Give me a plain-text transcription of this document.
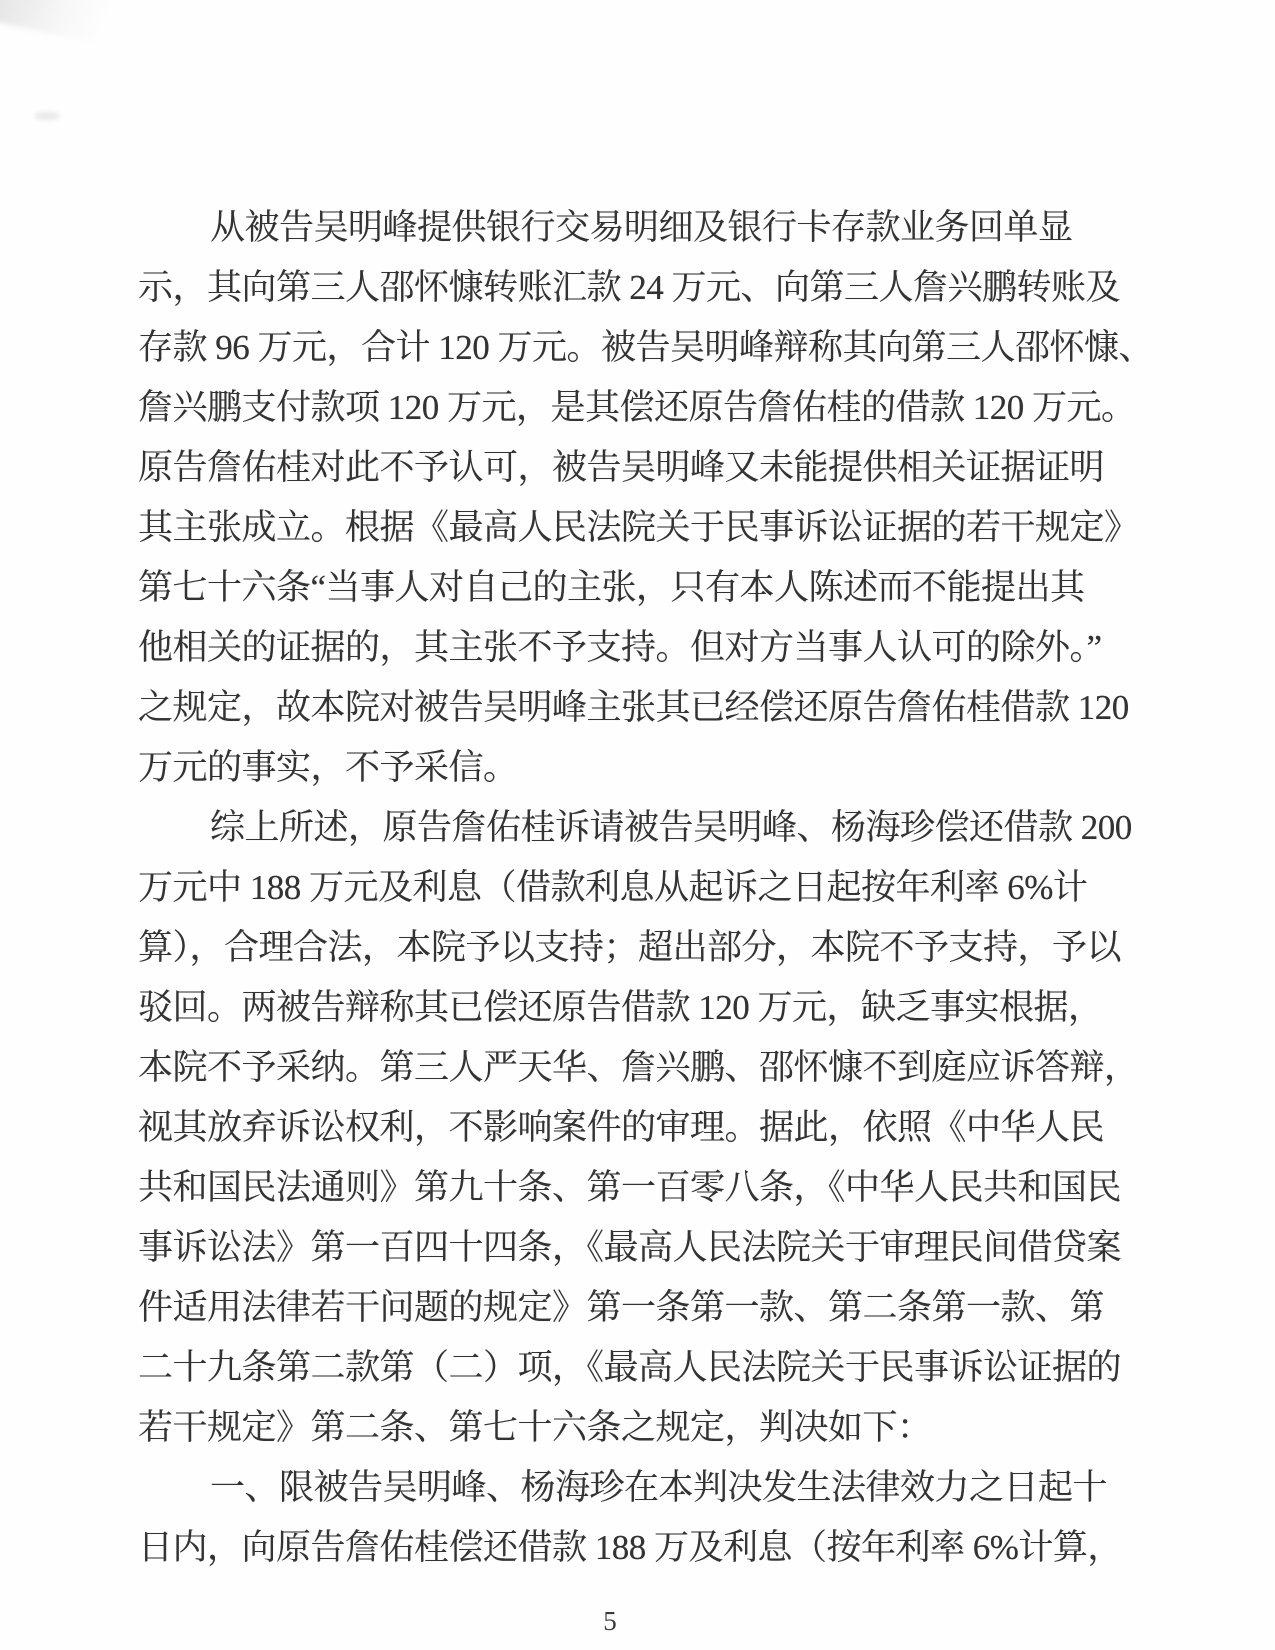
从被告吴明峰提供银行交易明细及银行卡存款业务回单显
示，其向第三人邵怀慷转账汇款 24 万元、向第三人詹兴鹏转账及
存款 96 万元，合计 120 万元。被告吴明峰辩称其向第三人邵怀慷、
詹兴鹏支付款项 120 万元，是其偿还原告詹佑桂的借款 120 万元。
原告詹佑桂对此不予认可，被告吴明峰又未能提供相关证据证明
其主张成立。根据《最高人民法院关于民事诉讼证据的若干规定》
第七十六条“当事人对自己的主张，只有本人陈述而不能提出其
他相关的证据的，其主张不予支持。但对方当事人认可的除外。”
之规定，故本院对被告吴明峰主张其已经偿还原告詹佑桂借款 120
万元的事实，不予采信。
综上所述，原告詹佑桂诉请被告吴明峰、杨海珍偿还借款 200
万元中 188 万元及利息（借款利息从起诉之日起按年利率 6%计
算），合理合法，本院予以支持；超出部分，本院不予支持，予以
驳回。两被告辩称其已偿还原告借款 120 万元，缺乏事实根据，
本院不予采纳。第三人严天华、詹兴鹏、邵怀慷不到庭应诉答辩，
视其放弃诉讼权利，不影响案件的审理。据此，依照《中华人民
共和国民法通则》第九十条、第一百零八条，《中华人民共和国民
事诉讼法》第一百四十四条，《最高人民法院关于审理民间借贷案
件适用法律若干问题的规定》第一条第一款、第二条第一款、第
二十九条第二款第（二）项，《最高人民法院关于民事诉讼证据的
若干规定》第二条、第七十六条之规定，判决如下：
一、限被告吴明峰、杨海珍在本判决发生法律效力之日起十
日内，向原告詹佑桂偿还借款 188 万及利息（按年利率 6%计算，
5
